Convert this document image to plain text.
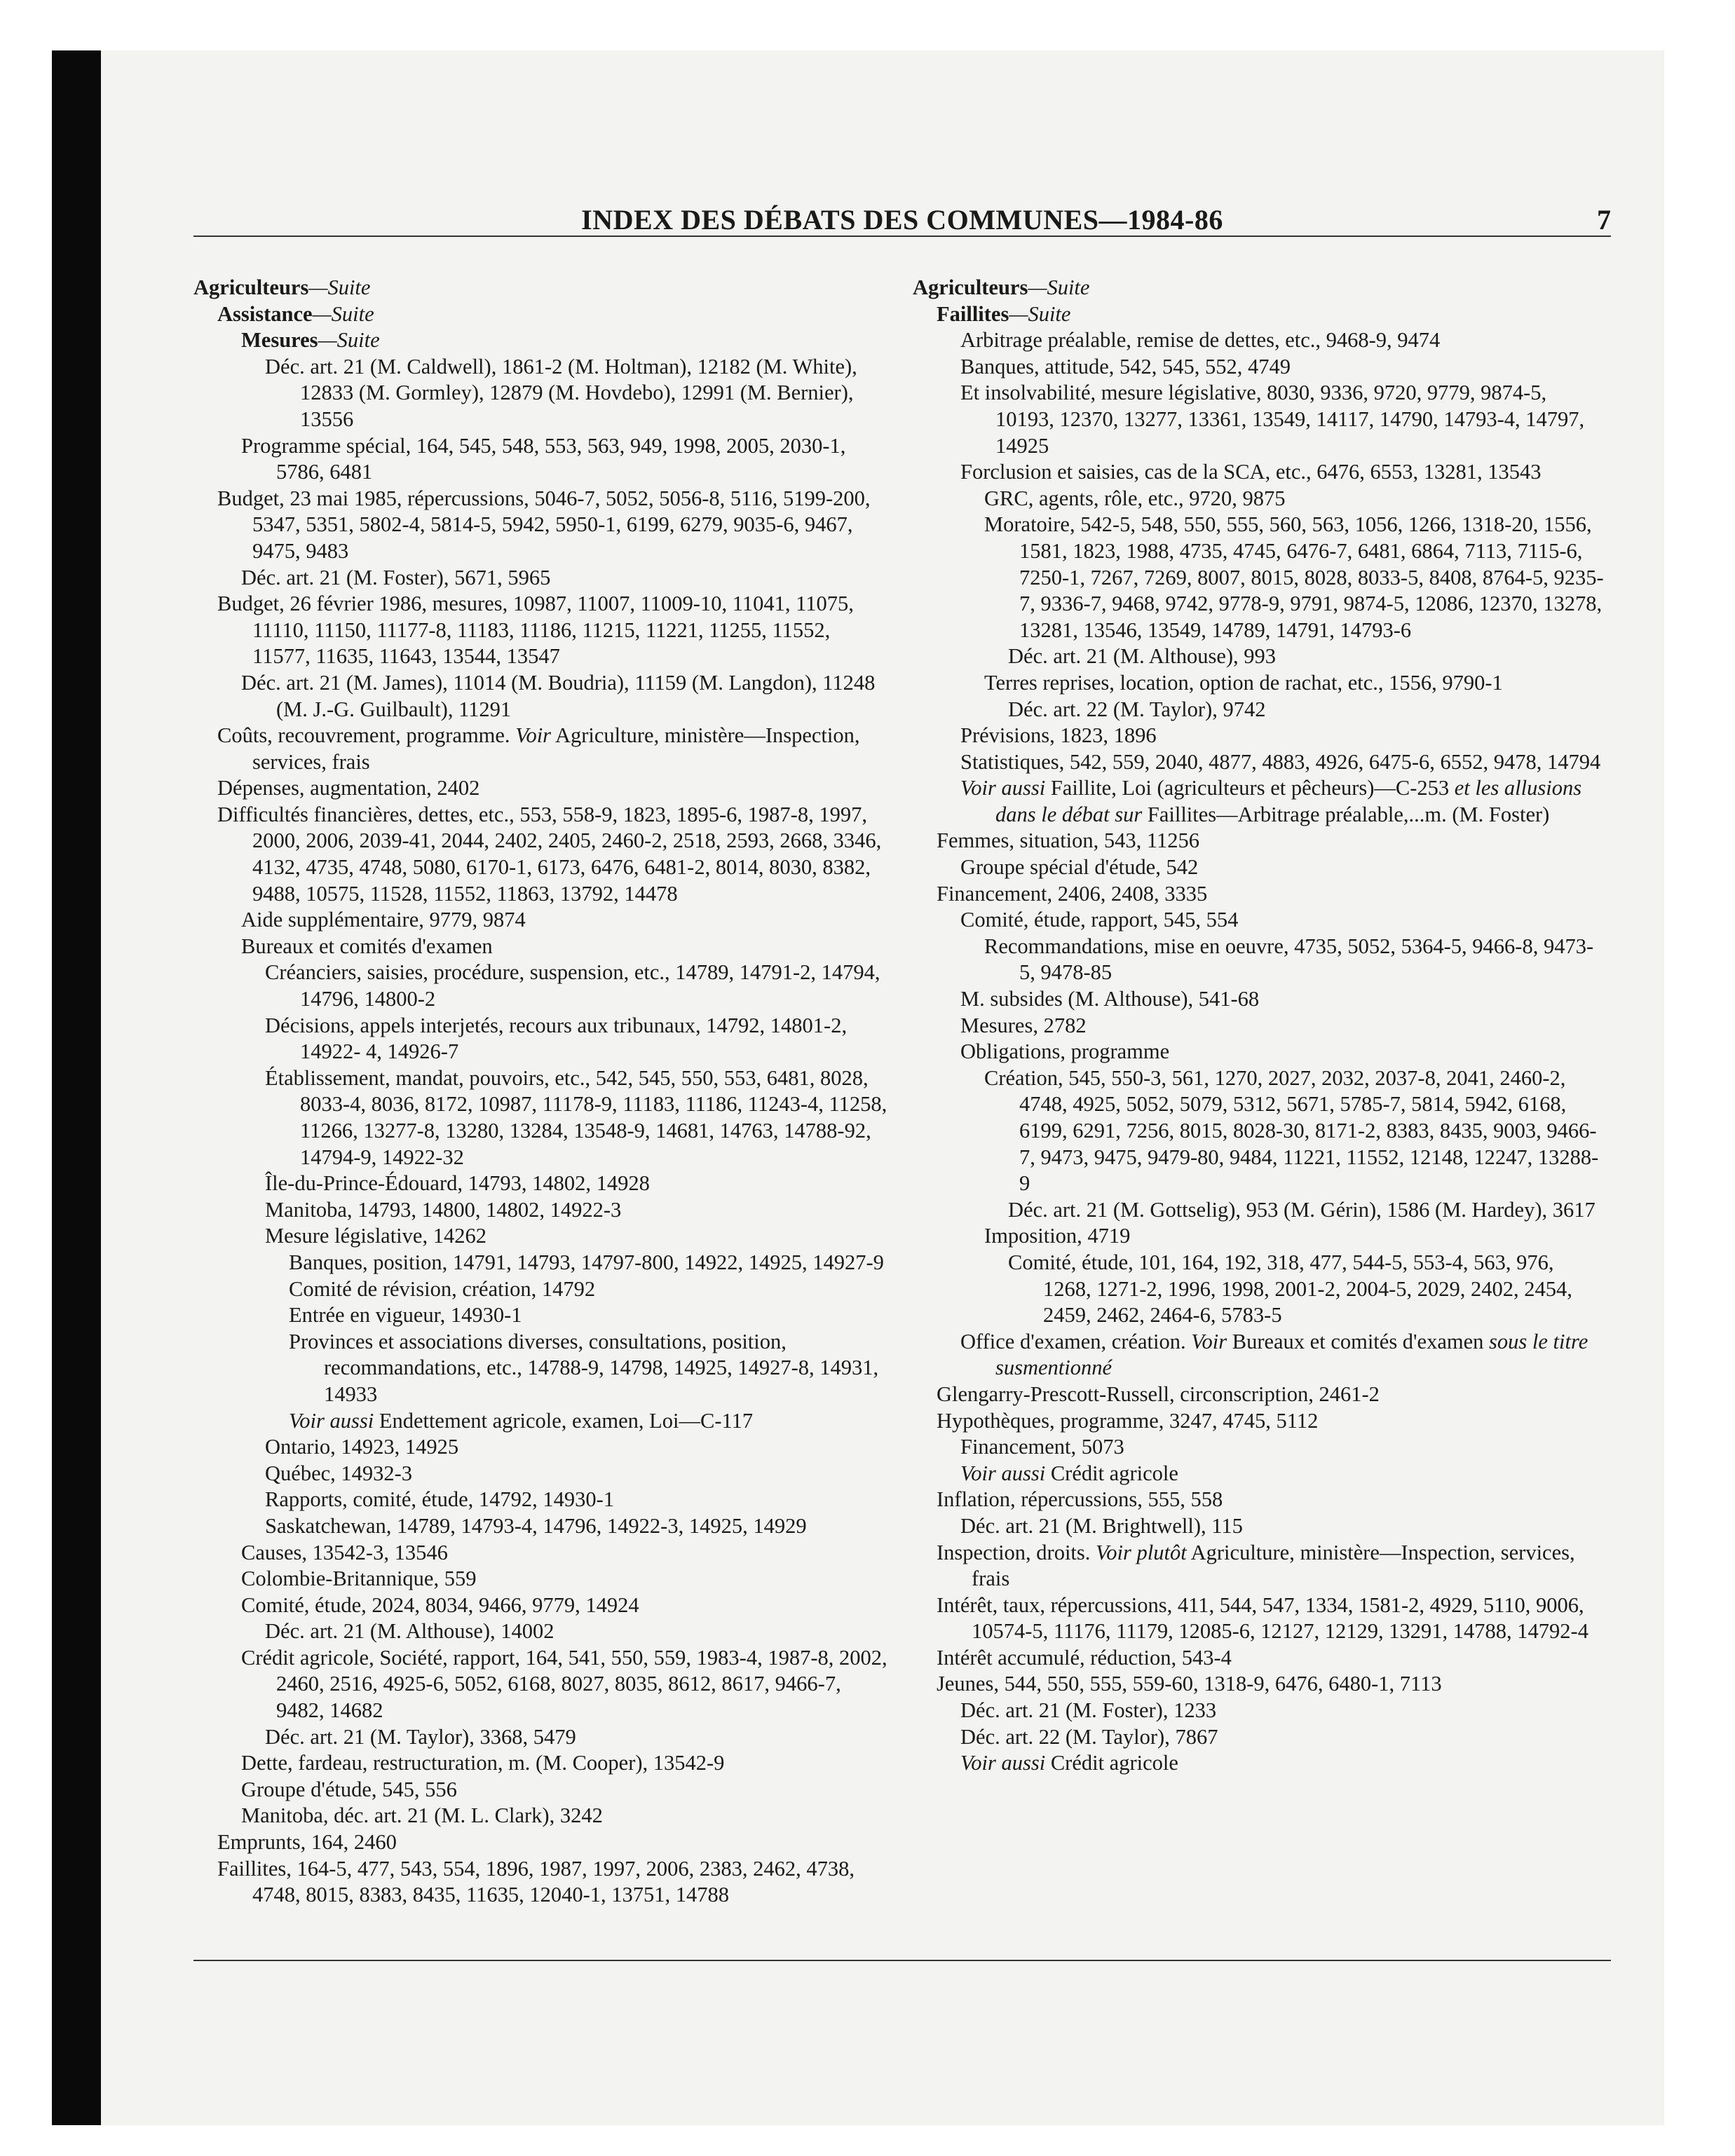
INDEX DES DÉBATS DES COMMUNES—1984-86	7
Agriculteurs—Suite
Assistance—Suite
Mesures—Suite
Déc. art. 21 (M. Caldwell), 1861-2 (M. Holtman), 12182 (M. White), 12833 (M. Gormley), 12879 (M. Hovdebo), 12991 (M. Bernier), 13556
Programme spécial, 164, 545, 548, 553, 563, 949, 1998, 2005, 2030-1, 5786, 6481
Budget, 23 mai 1985, répercussions, 5046-7, 5052, 5056-8, 5116, 5199-200, 5347, 5351, 5802-4, 5814-5, 5942, 5950-1, 6199, 6279, 9035-6, 9467, 9475, 9483
Déc. art. 21 (M. Foster), 5671, 5965
Budget, 26 février 1986, mesures, 10987, 11007, 11009-10, 11041, 11075, 11110, 11150, 11177-8, 11183, 11186, 11215, 11221, 11255, 11552, 11577, 11635, 11643, 13544, 13547
Déc. art. 21 (M. James), 11014 (M. Boudria), 11159 (M. Langdon), 11248 (M. J.-G. Guilbault), 11291
Coûts, recouvrement, programme. Voir Agriculture, ministère—Inspection, services, frais
Dépenses, augmentation, 2402
Difficultés financières, dettes, etc., 553, 558-9, 1823, 1895-6, 1987-8, 1997, 2000, 2006, 2039-41, 2044, 2402, 2405, 2460-2, 2518, 2593, 2668, 3346, 4132, 4735, 4748, 5080, 6170-1, 6173, 6476, 6481-2, 8014, 8030, 8382, 9488, 10575, 11528, 11552, 11863, 13792, 14478
Aide supplémentaire, 9779, 9874
Bureaux et comités d'examen
Créanciers, saisies, procédure, suspension, etc., 14789, 14791-2, 14794, 14796, 14800-2
Décisions, appels interjetés, recours aux tribunaux, 14792, 14801-2, 14922- 4, 14926-7
Établissement, mandat, pouvoirs, etc., 542, 545, 550, 553, 6481, 8028, 8033-4, 8036, 8172, 10987, 11178-9, 11183, 11186, 11243-4, 11258, 11266, 13277-8, 13280, 13284, 13548-9, 14681, 14763, 14788-92, 14794-9, 14922-32
Île-du-Prince-Édouard, 14793, 14802, 14928
Manitoba, 14793, 14800, 14802, 14922-3
Mesure législative, 14262
Banques, position, 14791, 14793, 14797-800, 14922, 14925, 14927-9
Comité de révision, création, 14792
Entrée en vigueur, 14930-1
Provinces et associations diverses, consultations, position, recommandations, etc., 14788-9, 14798, 14925, 14927-8, 14931, 14933
Voir aussi Endettement agricole, examen, Loi—C-117
Ontario, 14923, 14925
Québec, 14932-3
Rapports, comité, étude, 14792, 14930-1
Saskatchewan, 14789, 14793-4, 14796, 14922-3, 14925, 14929
Causes, 13542-3, 13546
Colombie-Britannique, 559
Comité, étude, 2024, 8034, 9466, 9779, 14924
Déc. art. 21 (M. Althouse), 14002
Crédit agricole, Société, rapport, 164, 541, 550, 559, 1983-4, 1987-8, 2002, 2460, 2516, 4925-6, 5052, 6168, 8027, 8035, 8612, 8617, 9466-7, 9482, 14682
Déc. art. 21 (M. Taylor), 3368, 5479
Dette, fardeau, restructuration, m. (M. Cooper), 13542-9
Groupe d'étude, 545, 556
Manitoba, déc. art. 21 (M. L. Clark), 3242
Emprunts, 164, 2460
Faillites, 164-5, 477, 543, 554, 1896, 1987, 1997, 2006, 2383, 2462, 4738, 4748, 8015, 8383, 8435, 11635, 12040-1, 13751, 14788
Agriculteurs—Suite
Faillites—Suite
Arbitrage préalable, remise de dettes, etc., 9468-9, 9474
Banques, attitude, 542, 545, 552, 4749
Et insolvabilité, mesure législative, 8030, 9336, 9720, 9779, 9874-5, 10193, 12370, 13277, 13361, 13549, 14117, 14790, 14793-4, 14797, 14925
Forclusion et saisies, cas de la SCA, etc., 6476, 6553, 13281, 13543
GRC, agents, rôle, etc., 9720, 9875
Moratoire, 542-5, 548, 550, 555, 560, 563, 1056, 1266, 1318-20, 1556, 1581, 1823, 1988, 4735, 4745, 6476-7, 6481, 6864, 7113, 7115-6, 7250-1, 7267, 7269, 8007, 8015, 8028, 8033-5, 8408, 8764-5, 9235-7, 9336-7, 9468, 9742, 9778-9, 9791, 9874-5, 12086, 12370, 13278, 13281, 13546, 13549, 14789, 14791, 14793-6
Déc. art. 21 (M. Althouse), 993
Terres reprises, location, option de rachat, etc., 1556, 9790-1
Déc. art. 22 (M. Taylor), 9742
Prévisions, 1823, 1896
Statistiques, 542, 559, 2040, 4877, 4883, 4926, 6475-6, 6552, 9478, 14794
Voir aussi Faillite, Loi (agriculteurs et pêcheurs)—C-253 et les allusions dans le débat sur Faillites—Arbitrage préalable,...m. (M. Foster)
Femmes, situation, 543, 11256
Groupe spécial d'étude, 542
Financement, 2406, 2408, 3335
Comité, étude, rapport, 545, 554
Recommandations, mise en oeuvre, 4735, 5052, 5364-5, 9466-8, 9473-5, 9478-85
M. subsides (M. Althouse), 541-68
Mesures, 2782
Obligations, programme
Création, 545, 550-3, 561, 1270, 2027, 2032, 2037-8, 2041, 2460-2, 4748, 4925, 5052, 5079, 5312, 5671, 5785-7, 5814, 5942, 6168, 6199, 6291, 7256, 8015, 8028-30, 8171-2, 8383, 8435, 9003, 9466-7, 9473, 9475, 9479-80, 9484, 11221, 11552, 12148, 12247, 13288-9
Déc. art. 21 (M. Gottselig), 953 (M. Gérin), 1586 (M. Hardey), 3617
Imposition, 4719
Comité, étude, 101, 164, 192, 318, 477, 544-5, 553-4, 563, 976, 1268, 1271-2, 1996, 1998, 2001-2, 2004-5, 2029, 2402, 2454, 2459, 2462, 2464-6, 5783-5
Office d'examen, création. Voir Bureaux et comités d'examen sous le titre susmentionné
Glengarry-Prescott-Russell, circonscription, 2461-2
Hypothèques, programme, 3247, 4745, 5112
Financement, 5073
Voir aussi Crédit agricole
Inflation, répercussions, 555, 558
Déc. art. 21 (M. Brightwell), 115
Inspection, droits. Voir plutôt Agriculture, ministère—Inspection, services, frais
Intérêt, taux, répercussions, 411, 544, 547, 1334, 1581-2, 4929, 5110, 9006, 10574-5, 11176, 11179, 12085-6, 12127, 12129, 13291, 14788, 14792-4
Intérêt accumulé, réduction, 543-4
Jeunes, 544, 550, 555, 559-60, 1318-9, 6476, 6480-1, 7113
Déc. art. 21 (M. Foster), 1233
Déc. art. 22 (M. Taylor), 7867
Voir aussi Crédit agricole
